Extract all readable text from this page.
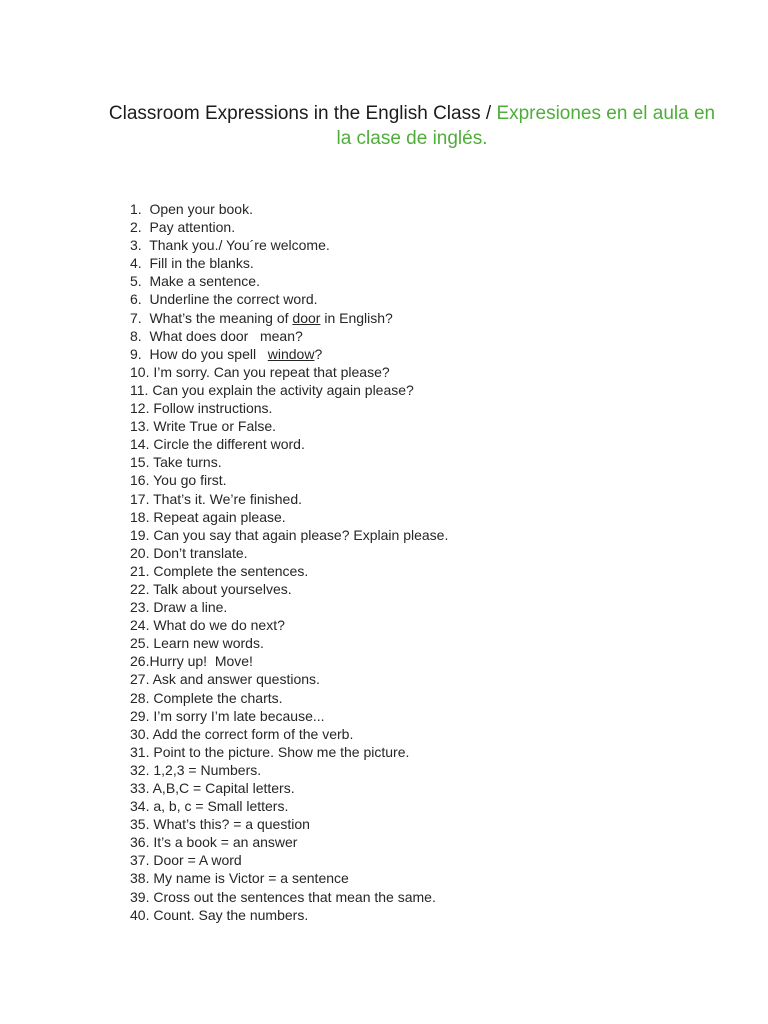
Classroom Expressions in the English Class / Expresiones en el aula en la clase de inglés.
1. Open your book.
2. Pay attention.
3. Thank you./ You´re welcome.
4. Fill in the blanks.
5. Make a sentence.
6. Underline the correct word.
7. What’s the meaning of door in English?
8. What does door   mean?
9. How do you spell   window?
10. I’m sorry. Can you repeat that please?
11. Can you explain the activity again please?
12. Follow instructions.
13. Write True or False.
14. Circle the different word.
15. Take turns.
16. You go first.
17. That’s it. We’re finished.
18. Repeat again please.
19. Can you say that again please? Explain please.
20. Don’t translate.
21. Complete the sentences.
22. Talk about yourselves.
23. Draw a line.
24. What do we do next?
25. Learn new words.
26.Hurry up!  Move!
27. Ask and answer questions.
28. Complete the charts.
29. I’m sorry I’m late because...
30. Add the correct form of the verb.
31. Point to the picture. Show me the picture.
32. 1,2,3 = Numbers.
33. A,B,C = Capital letters.
34. a, b, c = Small letters.
35. What’s this? = a question
36. It’s a book = an answer
37. Door = A word
38. My name is Victor = a sentence
39. Cross out the sentences that mean the same.
40. Count. Say the numbers.
